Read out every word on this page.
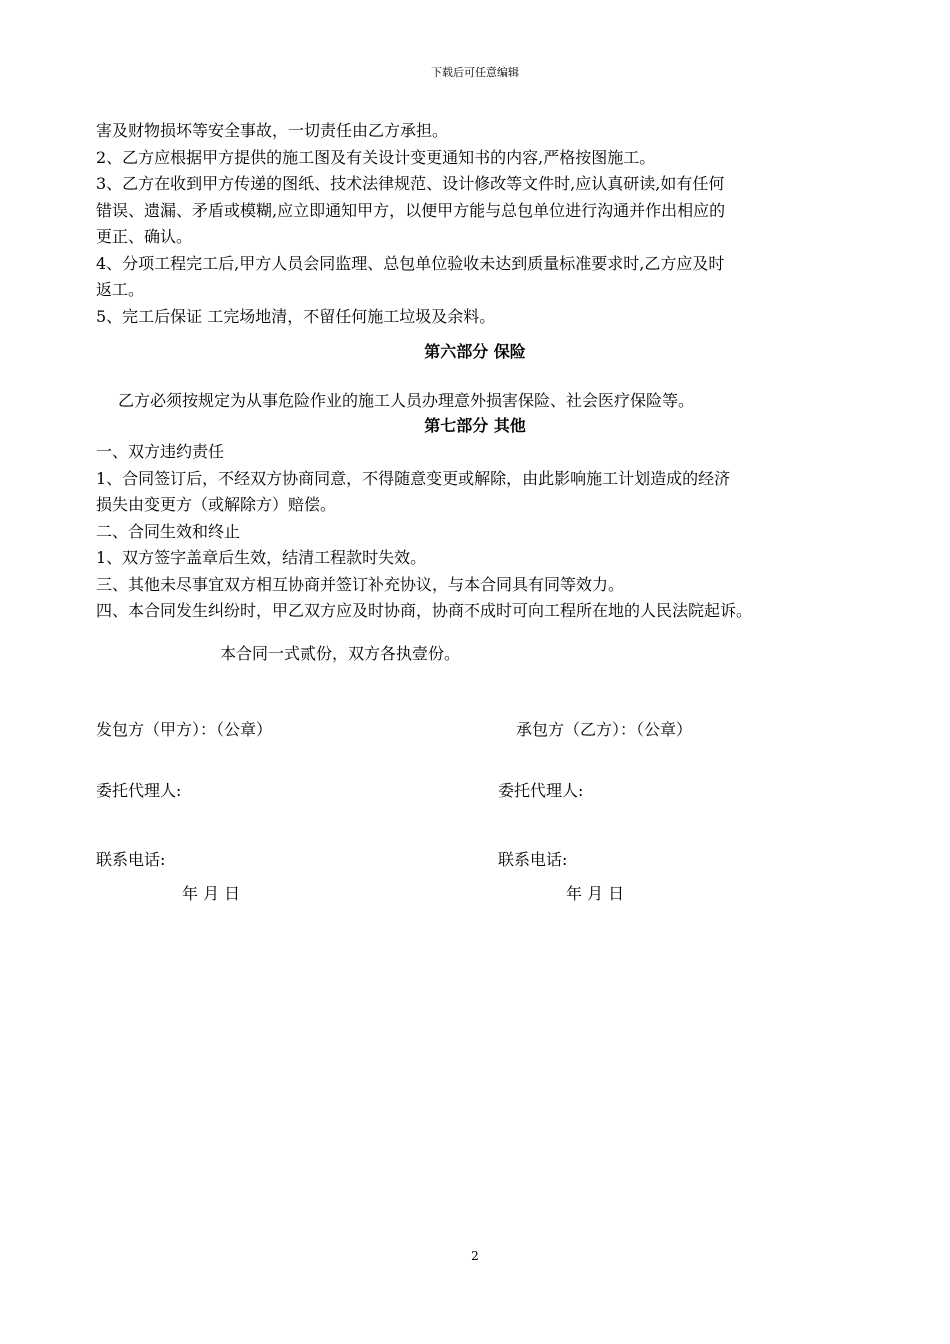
下载后可任意编辑

害及财物损坏等安全事故，一切责任由乙方承担。

2、乙方应根据甲方提供的施工图及有关设计变更通知书的内容,严格按图施工。

3、乙方在收到甲方传递的图纸、技术法律规范、设计修改等文件时,应认真研读,如有任何

错误、遗漏、矛盾或模糊,应立即通知甲方，以便甲方能与总包单位进行沟通并作出相应的

更正、确认。

4、分项工程完工后,甲方人员会同监理、总包单位验收未达到质量标准要求时,乙方应及时

返工。

5、完工后保证 工完场地清，不留任何施工垃圾及余料。

第六部分 保险
乙方必须按规定为从事危险作业的施工人员办理意外损害保险、社会医疗保险等。
第七部分 其他

一、双方违约责任

1、合同签订后，不经双方协商同意，不得随意变更或解除，由此影响施工计划造成的经济

损失由变更方（或解除方）赔偿。

二、合同生效和终止

1、双方签字盖章后生效，结清工程款时失效。

三、其他未尽事宜双方相互协商并签订补充协议，与本合同具有同等效力。

四、本合同发生纠纷时，甲乙双方应及时协商，协商不成时可向工程所在地的人民法院起诉。

本合同一式贰份，双方各执壹份。
发包方（甲方）：（公章）	承包方（乙方）：（公章）
委托代理人:	委托代理人:
联系电话:	联系电话:
年 月 日	年 月 日
2
